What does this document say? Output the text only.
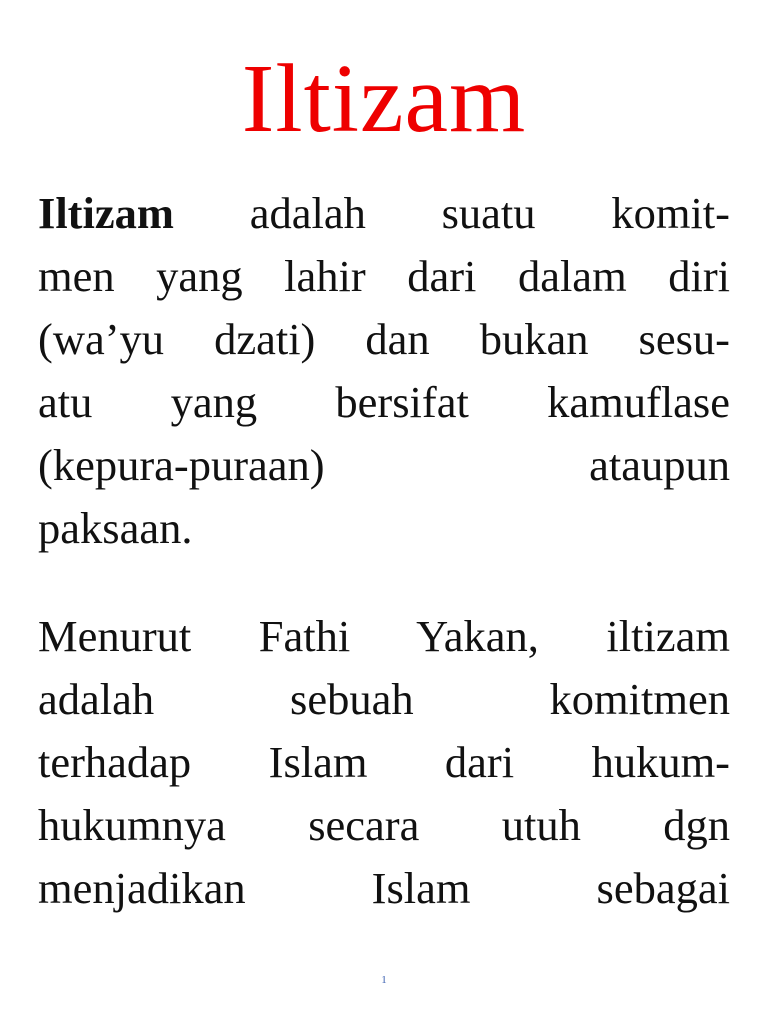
Iltizam
Iltizam adalah suatu komit-
men yang lahir dari dalam diri
(wa’yu dzati) dan bukan sesu-
atu yang bersifat kamuflase
(kepura-puraan) ataupun
paksaan.
Menurut Fathi Yakan, iltizam
adalah sebuah komitmen
terhadap Islam dari hukum-
hukumnya secara utuh dgn
menjadikan Islam sebagai
1
